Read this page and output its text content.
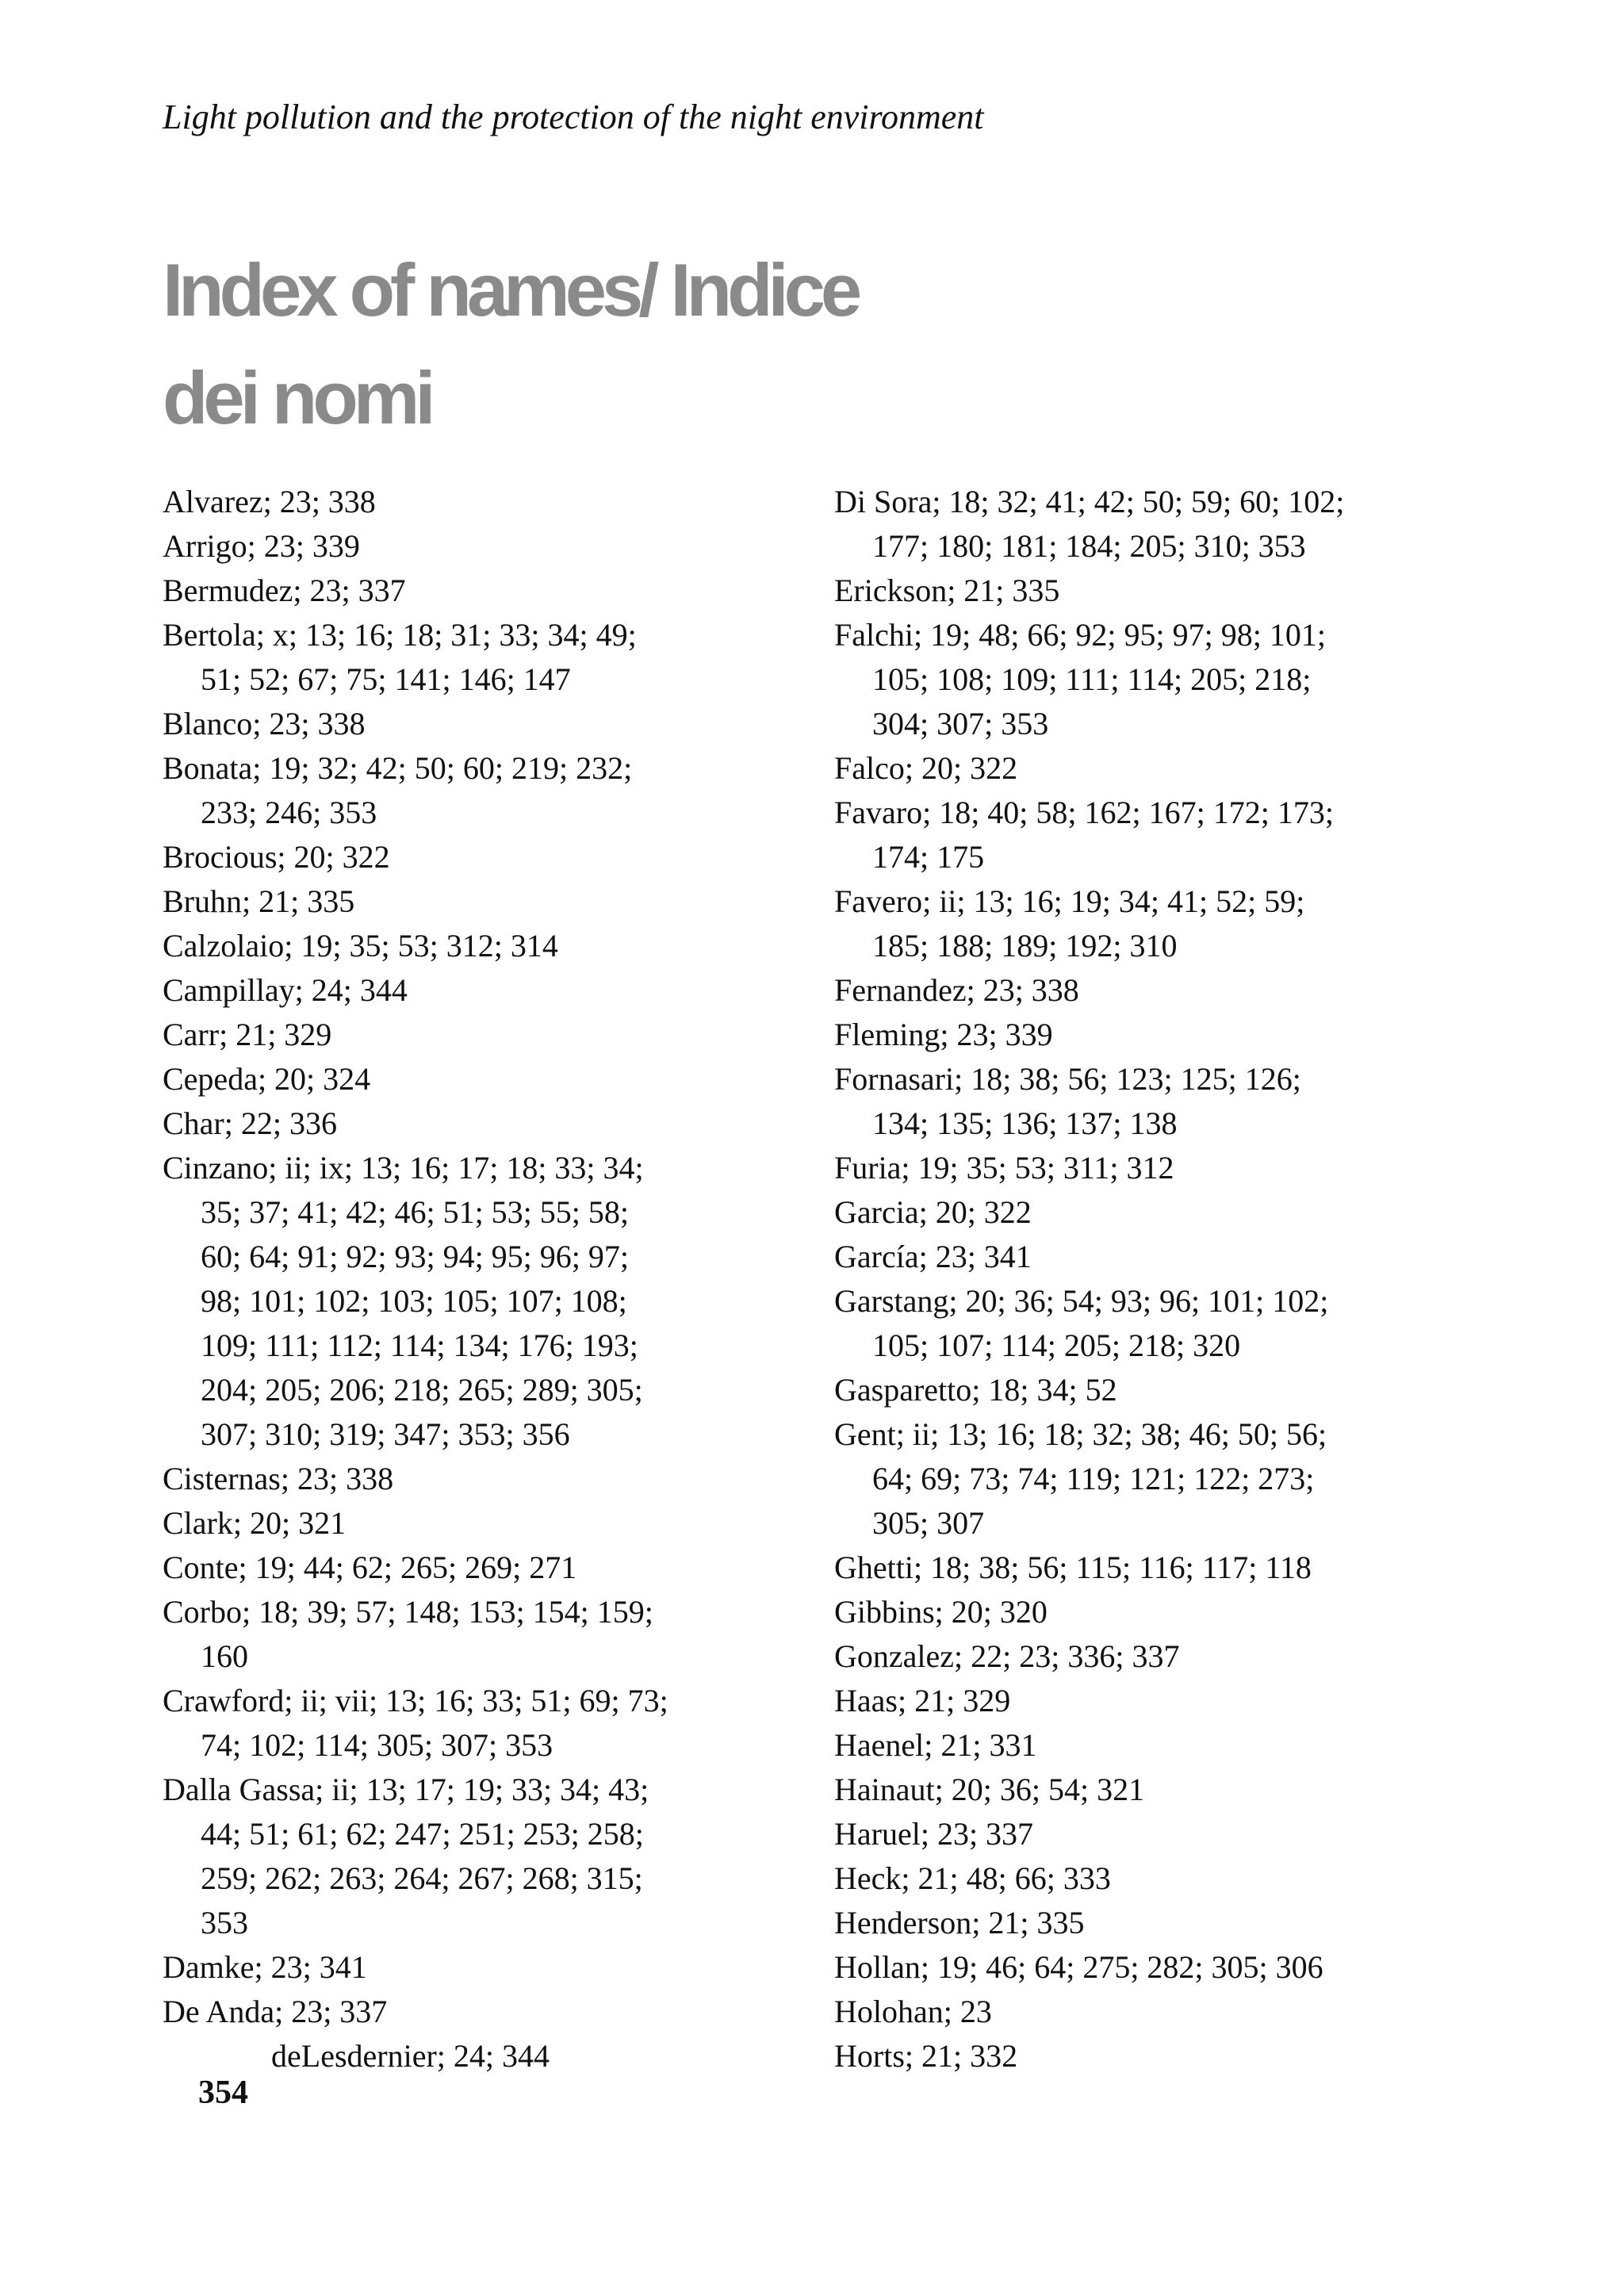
Light pollution and the protection of the night environment
Index of names/ Indice
dei nomi
Alvarez; 23; 338
Arrigo; 23; 339
Bermudez; 23; 337
Bertola; x; 13; 16; 18; 31; 33; 34; 49;
51; 52; 67; 75; 141; 146; 147
Blanco; 23; 338
Bonata; 19; 32; 42; 50; 60; 219; 232;
233; 246; 353
Brocious; 20; 322
Bruhn; 21; 335
Calzolaio; 19; 35; 53; 312; 314
Campillay; 24; 344
Carr; 21; 329
Cepeda; 20; 324
Char; 22; 336
Cinzano; ii; ix; 13; 16; 17; 18; 33; 34;
35; 37; 41; 42; 46; 51; 53; 55; 58;
60; 64; 91; 92; 93; 94; 95; 96; 97;
98; 101; 102; 103; 105; 107; 108;
109; 111; 112; 114; 134; 176; 193;
204; 205; 206; 218; 265; 289; 305;
307; 310; 319; 347; 353; 356
Cisternas; 23; 338
Clark; 20; 321
Conte; 19; 44; 62; 265; 269; 271
Corbo; 18; 39; 57; 148; 153; 154; 159;
160
Crawford; ii; vii; 13; 16; 33; 51; 69; 73;
74; 102; 114; 305; 307; 353
Dalla Gassa; ii; 13; 17; 19; 33; 34; 43;
44; 51; 61; 62; 247; 251; 253; 258;
259; 262; 263; 264; 267; 268; 315;
353
Damke; 23; 341
De Anda; 23; 337
deLesdernier; 24; 344
Di Sora; 18; 32; 41; 42; 50; 59; 60; 102;
177; 180; 181; 184; 205; 310; 353
Erickson; 21; 335
Falchi; 19; 48; 66; 92; 95; 97; 98; 101;
105; 108; 109; 111; 114; 205; 218;
304; 307; 353
Falco; 20; 322
Favaro; 18; 40; 58; 162; 167; 172; 173;
174; 175
Favero; ii; 13; 16; 19; 34; 41; 52; 59;
185; 188; 189; 192; 310
Fernandez; 23; 338
Fleming; 23; 339
Fornasari; 18; 38; 56; 123; 125; 126;
134; 135; 136; 137; 138
Furia; 19; 35; 53; 311; 312
Garcia; 20; 322
García; 23; 341
Garstang; 20; 36; 54; 93; 96; 101; 102;
105; 107; 114; 205; 218; 320
Gasparetto; 18; 34; 52
Gent; ii; 13; 16; 18; 32; 38; 46; 50; 56;
64; 69; 73; 74; 119; 121; 122; 273;
305; 307
Ghetti; 18; 38; 56; 115; 116; 117; 118
Gibbins; 20; 320
Gonzalez; 22; 23; 336; 337
Haas; 21; 329
Haenel; 21; 331
Hainaut; 20; 36; 54; 321
Haruel; 23; 337
Heck; 21; 48; 66; 333
Henderson; 21; 335
Hollan; 19; 46; 64; 275; 282; 305; 306
Holohan; 23
Horts; 21; 332
354
